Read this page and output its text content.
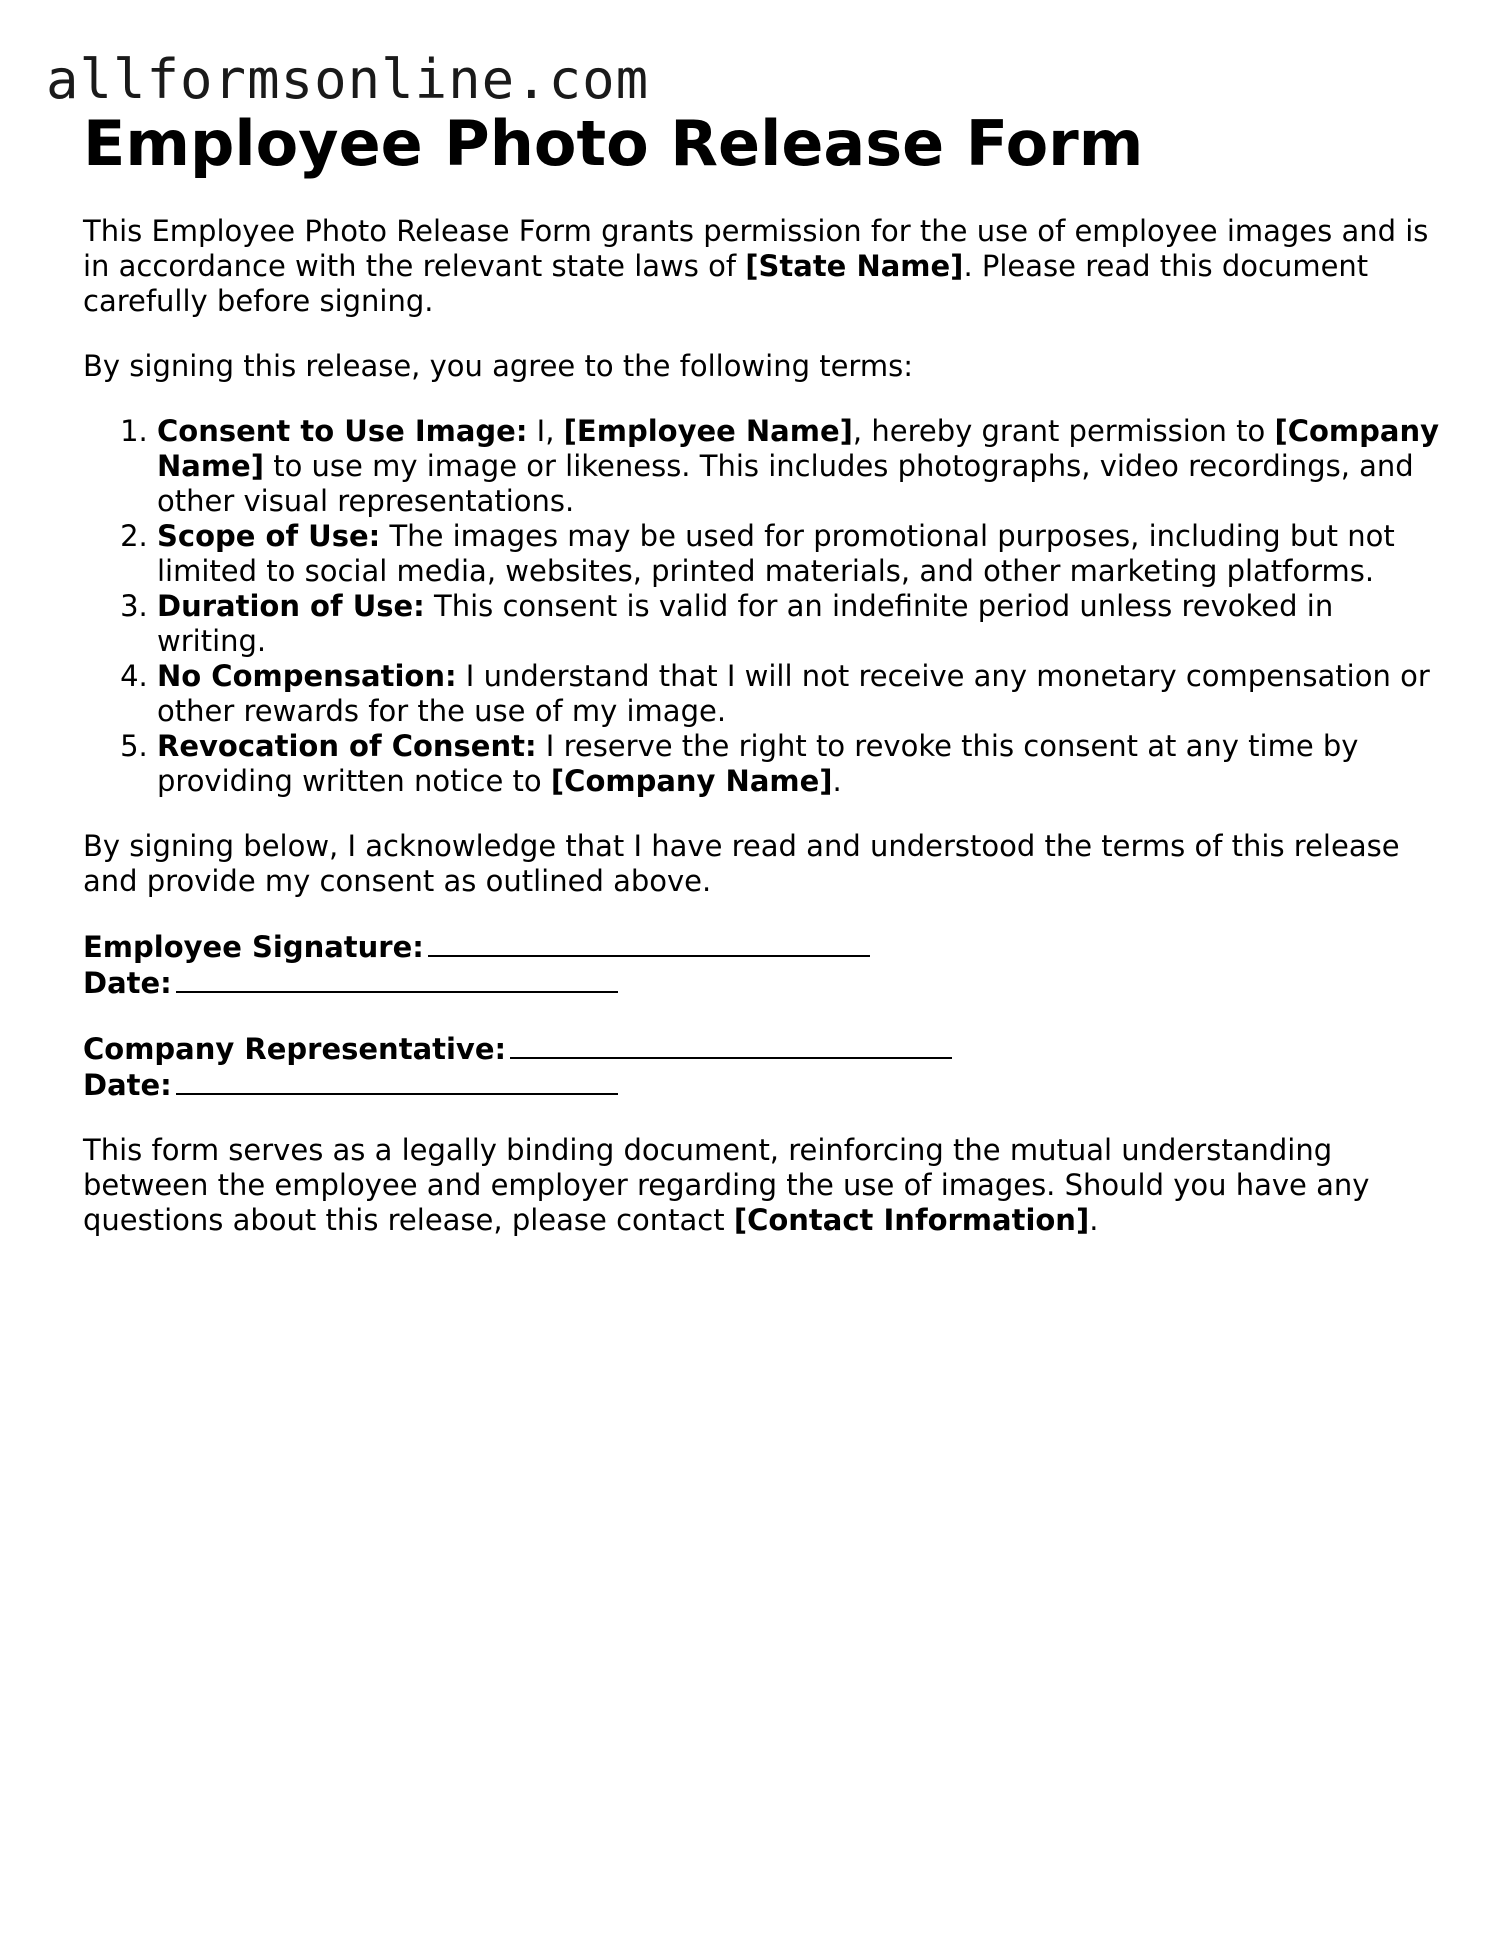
allformsonline.com
Employee Photo Release Form

This Employee Photo Release Form grants permission for the use of employee images and is in accordance with the relevant state laws of [State Name]. Please read this document carefully before signing.

By signing this release, you agree to the following terms:

1. Consent to Use Image: I, [Employee Name], hereby grant permission to [Company Name] to use my image or likeness. This includes photographs, video recordings, and other visual representations.
2. Scope of Use: The images may be used for promotional purposes, including but not limited to social media, websites, printed materials, and other marketing platforms.
3. Duration of Use: This consent is valid for an indefinite period unless revoked in writing.
4. No Compensation: I understand that I will not receive any monetary compensation or other rewards for the use of my image.
5. Revocation of Consent: I reserve the right to revoke this consent at any time by providing written notice to [Company Name].

By signing below, I acknowledge that I have read and understood the terms of this release and provide my consent as outlined above.

Employee Signature:

Date:

Company Representative:

Date:

This form serves as a legally binding document, reinforcing the mutual understanding between the employee and employer regarding the use of images. Should you have any questions about this release, please contact [Contact Information].
